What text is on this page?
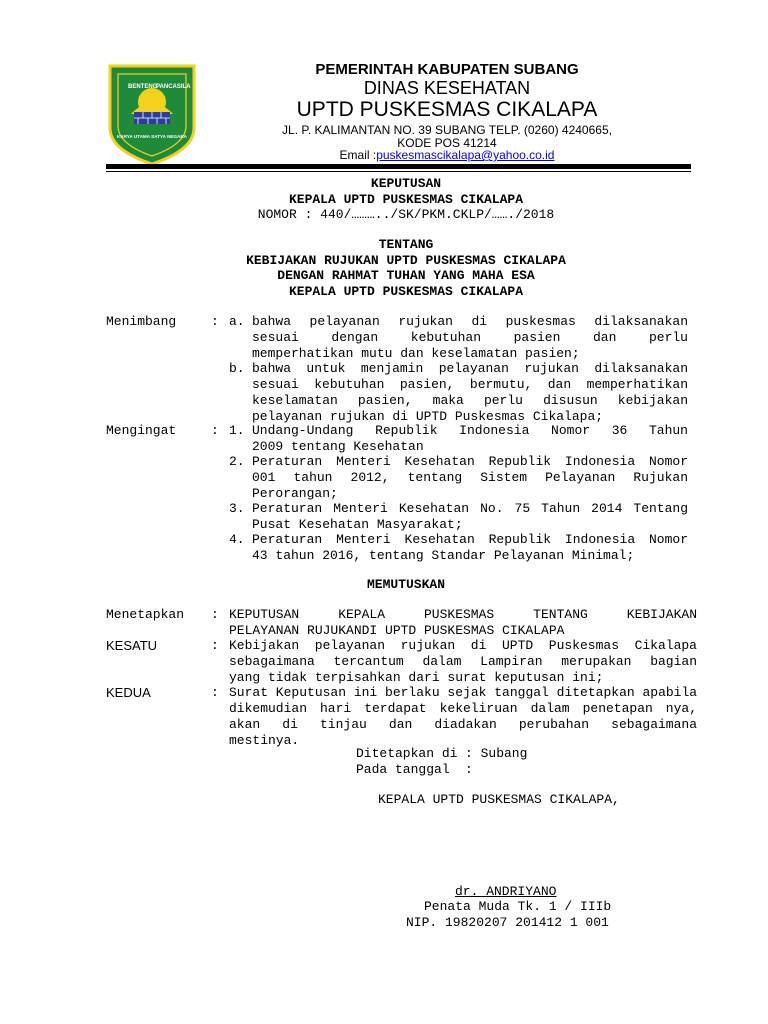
BENTENG
PANCASILA
KARYA UTAMA SATYA NEGARA
PEMERINTAH KABUPATEN SUBANG
DINAS KESEHATAN
UPTD PUSKESMAS CIKALAPA
JL. P. KALIMANTAN NO. 39 SUBANG TELP. (0260) 4240665,
KODE POS 41214
Email :puskesmascikalapa@yahoo.co.id
KEPUTUSAN
KEPALA UPTD PUSKESMAS CIKALAPA
NOMOR : 440/………../SK/PKM.CKLP/……./2018
TENTANG
KEBIJAKAN RUJUKAN UPTD PUSKESMAS CIKALAPA
DENGAN RAHMAT TUHAN YANG MAHA ESA
KEPALA UPTD PUSKESMAS CIKALAPA
Menimbang	: a. bahwa pelayanan rujukan di puskesmas dilaksanakan
sesuai dengan kebutuhan pasien dan perlu
memperhatikan mutu dan keselamatan pasien;
b. bahwa untuk menjamin pelayanan rujukan dilaksanakan
sesuai kebutuhan pasien, bermutu, dan memperhatikan
keselamatan pasien, maka perlu disusun kebijakan
pelayanan rujukan di UPTD Puskesmas Cikalapa;
Mengingat	: 1. Undang-Undang Republik Indonesia Nomor 36 Tahun
2009 tentang Kesehatan
2. Peraturan Menteri Kesehatan Republik Indonesia Nomor
001 tahun 2012, tentang Sistem Pelayanan Rujukan
Perorangan;
3. Peraturan Menteri Kesehatan No. 75 Tahun 2014 Tentang
Pusat Kesehatan Masyarakat;
4. Peraturan Menteri Kesehatan Republik Indonesia Nomor
43 tahun 2016, tentang Standar Pelayanan Minimal;
MEMUTUSKAN
Menetapkan : KEPUTUSAN KEPALA PUSKESMAS TENTANG KEBIJAKAN
PELAYANAN RUJUKANDI UPTD PUSKESMAS CIKALAPA
KESATU	: Kebijakan pelayanan rujukan di UPTD Puskesmas Cikalapa
sebagaimana tercantum dalam Lampiran merupakan bagian
yang tidak terpisahkan dari surat keputusan ini;
KEDUA	: Surat Keputusan ini berlaku sejak tanggal ditetapkan apabila
dikemudian hari terdapat kekeliruan dalam penetapan nya,
akan di tinjau dan diadakan perubahan sebagaimana
mestinya.
Ditetapkan di : Subang
Pada tanggal :
KEPALA UPTD PUSKESMAS CIKALAPA,
dr. ANDRIYANO
Penata Muda Tk. 1 / IIIb
NIP. 19820207 201412 1 001
